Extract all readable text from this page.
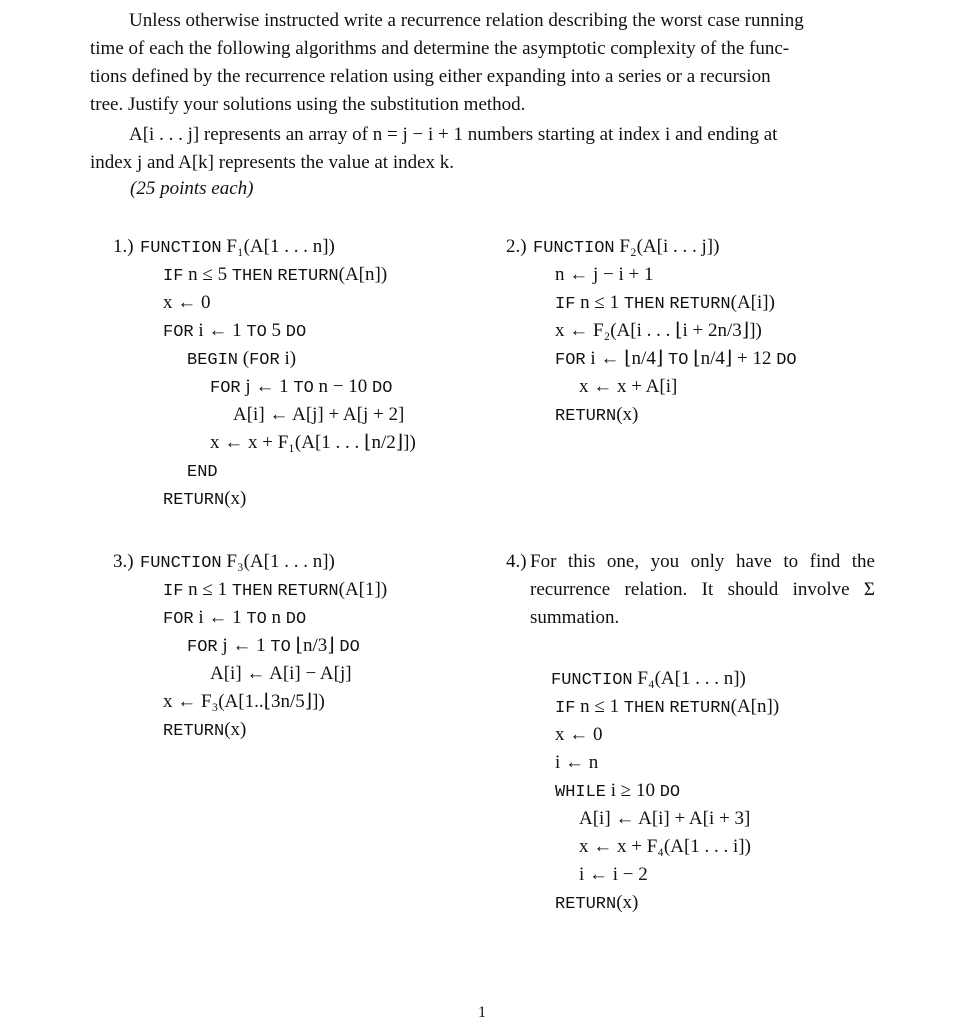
Unless otherwise instructed write a recurrence relation describing the worst case running
time of each the following algorithms and determine the asymptotic complexity of the func-
tions defined by the recurrence relation using either expanding into a series or a recursion
tree. Justify your solutions using the substitution method.
A[i . . . j] represents an array of n = j − i + 1 numbers starting at index i and ending at
index j and A[k] represents the value at index k.
(25 points each)
1.) FUNCTION F₁(A[1 . . . n])
IF n ≤ 5 THEN RETURN(A[n])
x ← 0
FOR i ← 1 TO 5 DO
BEGIN (FOR i)
FOR j ← 1 TO n − 10 DO
A[i] ← A[j] + A[j + 2]
x ← x + F₁(A[1 . . . ⌊n/2⌋])
END
RETURN(x)
2.) FUNCTION F₂(A[i . . . j])
n ← j − i + 1
IF n ≤ 1 THEN RETURN(A[i])
x ← F₂(A[i . . . ⌊i + 2n/3⌋])
FOR i ← ⌊n/4⌋ TO ⌊n/4⌋ + 12 DO
x ← x + A[i]
RETURN(x)
3.) FUNCTION F₃(A[1 . . . n])
IF n ≤ 1 THEN RETURN(A[1])
FOR i ← 1 TO n DO
FOR j ← 1 TO ⌊n/3⌋ DO
A[i] ← A[i] − A[j]
x ← F₃(A[1..⌊3n/5⌋])
RETURN(x)
4.) For this one, you only have to find the
recurrence relation. It should involve Σ
summation.
FUNCTION F₄(A[1 . . . n])
IF n ≤ 1 THEN RETURN(A[n])
x ← 0
i ← n
WHILE i ≥ 10 DO
A[i] ← A[i] + A[i + 3]
x ← x + F₄(A[1 . . . i])
i ← i − 2
RETURN(x)
1
